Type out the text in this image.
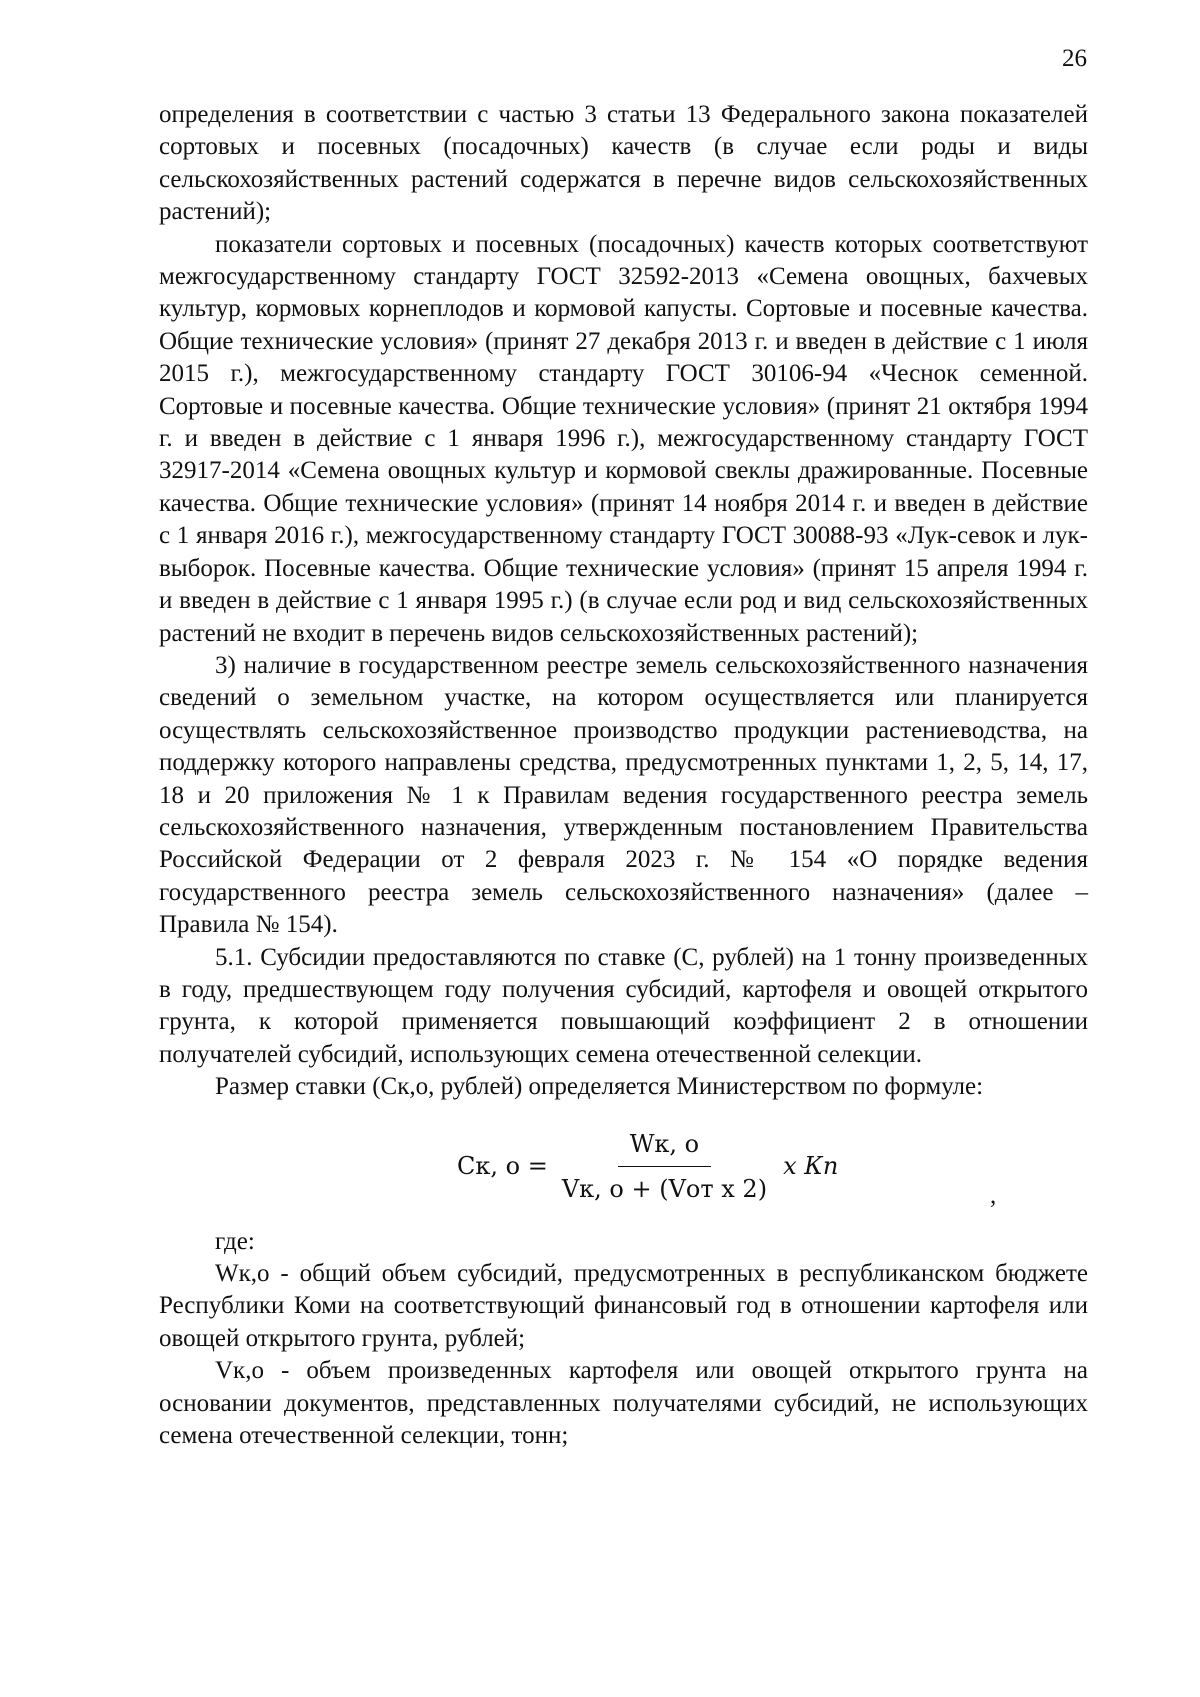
26

определения в соответствии с частью 3 статьи 13 Федерального закона показателей сортовых и посевных (посадочных) качеств (в случае если роды и виды сельскохозяйственных растений содержатся в перечне видов сельскохозяйственных растений);

показатели сортовых и посевных (посадочных) качеств которых соответствуют межгосударственному стандарту ГОСТ 32592-2013 «Семена овощных, бахчевых культур, кормовых корнеплодов и кормовой капусты. Сортовые и посевные качества. Общие технические условия» (принят 27 декабря 2013 г. и введен в действие с 1 июля 2015 г.), межгосударственному стандарту ГОСТ 30106-94 «Чеснок семенной. Сортовые и посевные качества. Общие технические условия» (принят 21 октября 1994 г. и введен в действие с 1 января 1996 г.), межгосударственному стандарту ГОСТ 32917-2014 «Семена овощных культур и кормовой свеклы дражированные. Посевные качества. Общие технические условия» (принят 14 ноября 2014 г. и введен в действие с 1 января 2016 г.), межгосударственному стандарту ГОСТ 30088-93 «Лук-севок и лук-выборок. Посевные качества. Общие технические условия» (принят 15 апреля 1994 г. и введен в действие с 1 января 1995 г.) (в случае если род и вид сельскохозяйственных растений не входит в перечень видов сельскохозяйственных растений);

3) наличие в государственном реестре земель сельскохозяйственного назначения сведений о земельном участке, на котором осуществляется или планируется осуществлять сельскохозяйственное производство продукции растениеводства, на поддержку которого направлены средства, предусмотренных пунктами 1, 2, 5, 14, 17, 18 и 20 приложения № 1 к Правилам ведения государственного реестра земель сельскохозяйственного назначения, утвержденным постановлением Правительства Российской Федерации от 2 февраля 2023 г. № 154 «О порядке ведения государственного реестра земель сельскохозяйственного назначения» (далее – Правила № 154).

5.1. Субсидии предоставляются по ставке (С, рублей) на 1 тонну произведенных в году, предшествующем году получения субсидий, картофеля и овощей открытого грунта, к которой применяется повышающий коэффициент 2 в отношении получателей субсидий, использующих семена отечественной селекции.

Размер ставки (Ск,о, рублей) определяется Министерством по формуле:

Ск, $о = \frac{Wк, о}{\text{Vк, о + (Vот х 2)}}$ х Кп
,

где:

Wк,о - общий объем субсидий, предусмотренных в республиканском бюджете Республики Коми на соответствующий финансовый год в отношении картофеля или овощей открытого грунта, рублей;

Vк,о - объем произведенных картофеля или овощей открытого грунта на основании документов, представленных получателями субсидий, не использующих семена отечественной селекции, тонн;
